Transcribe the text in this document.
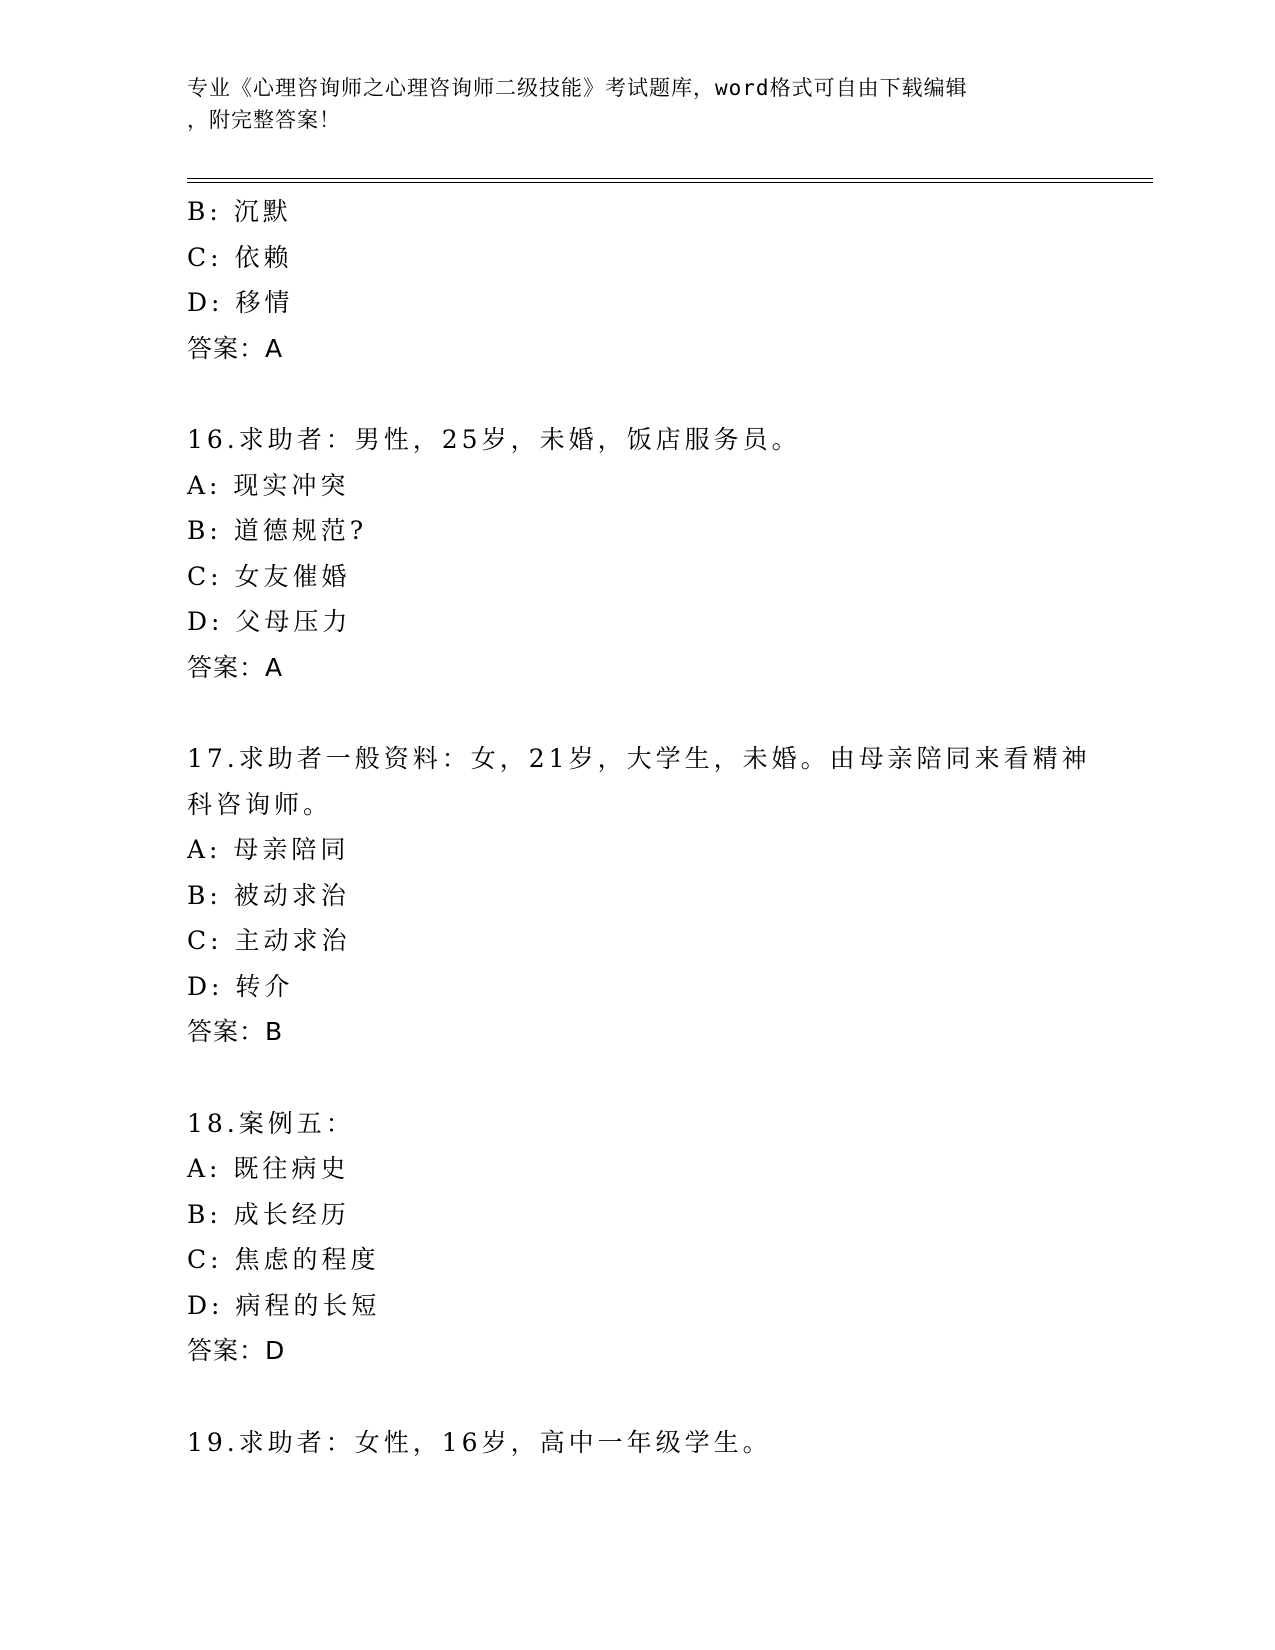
专业《心理咨询师之心理咨询师二级技能》考试题库，word格式可自由下载编辑
，附完整答案！
B: 沉默
C: 依赖
D: 移情
答案：A
16.求助者：男性，25岁，未婚，饭店服务员。
A: 现实冲突
B: 道德规范?
C: 女友催婚
D: 父母压力
答案：A
17.求助者一般资料：女，21岁，大学生，未婚。由母亲陪同来看精神
科咨询师。
A: 母亲陪同
B: 被动求治
C: 主动求治
D: 转介
答案：B
18.案例五：
A: 既往病史
B: 成长经历
C: 焦虑的程度
D: 病程的长短
答案：D
19.求助者：女性，16岁，高中一年级学生。
